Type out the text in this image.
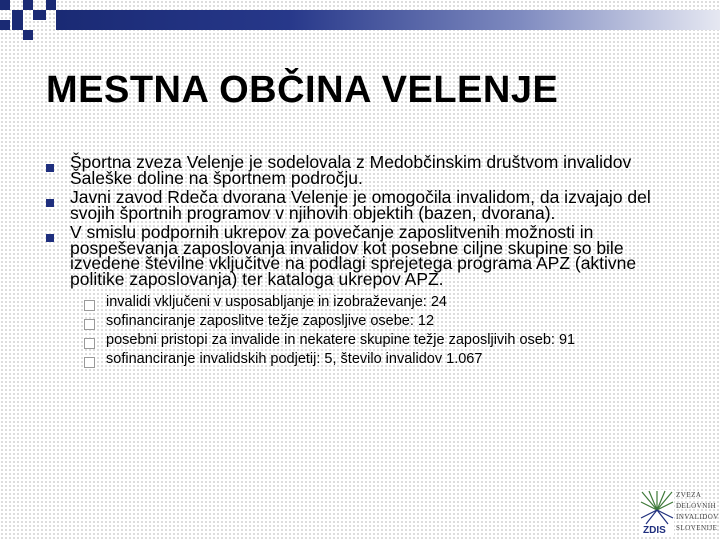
MESTNA OBČINA VELENJE
Športna zveza Velenje je sodelovala z Medobčinskim društvom invalidov Šaleške doline na športnem področju.
Javni zavod Rdeča dvorana Velenje je omogočila invalidom, da izvajajo del svojih športnih programov v njihovih objektih (bazen, dvorana).
V smislu podpornih ukrepov za povečanje zaposlitvenih možnosti in pospeševanja zaposlovanja invalidov kot posebne ciljne skupine so bile izvedene številne vključitve na podlagi sprejetega programa APZ (aktivne politike zaposlovanja) ter kataloga ukrepov APZ.
invalidi vključeni v usposabljanje in izobraževanje: 24
sofinanciranje zaposlitve težje zaposljive osebe: 12
posebni pristopi za invalide in nekatere skupine težje zaposljivih oseb: 91
sofinanciranje invalidskih podjetij: 5, število invalidov 1.067
ZDIS
ZVEZA
DELOVNIH
INVALIDOV
SLOVENIJE
